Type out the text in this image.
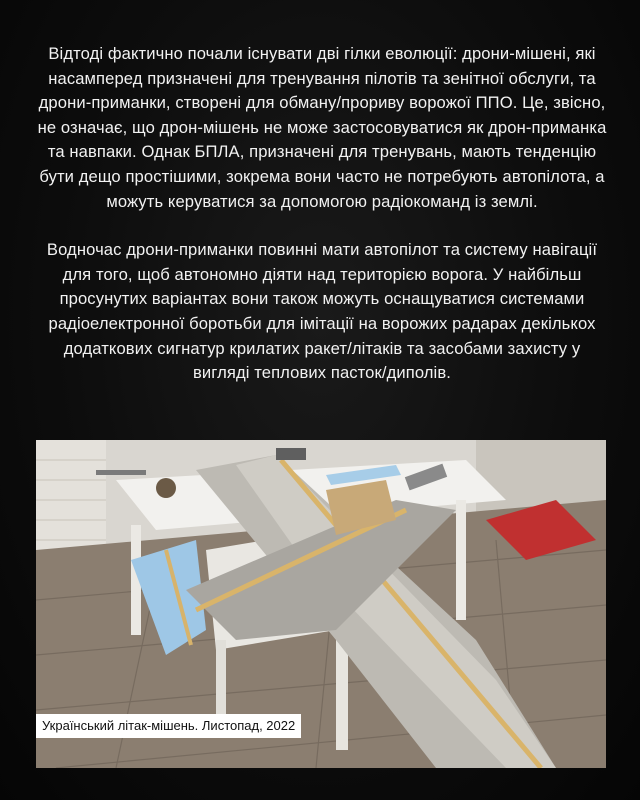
Відтоді фактично почали існувати дві гілки еволюції: дрони-мішені, які насамперед призначені для тренування пілотів та зенітної обслуги, та дрони-приманки, створені для обману/прориву ворожої ППО. Це, звісно, не означає, що дрон-мішень не може застосовуватися як дрон-приманка та навпаки. Однак БПЛА, призначені для тренувань, мають тенденцію бути дещо простішими, зокрема вони часто не потребують автопілота, а можуть керуватися за допомогою радіокоманд із землі.

Водночас дрони-приманки повинні мати автопілот та систему навігації для того, щоб автономно діяти над територією ворога. У найбільш просунутих варіантах вони також можуть оснащуватися системами радіоелектронної боротьби для імітації на ворожих радарах декількох додаткових сигнатур крилатих ракет/літаків та засобами захисту у вигляді теплових пасток/диполів.

Український літак-мішень. Листопад, 2022
